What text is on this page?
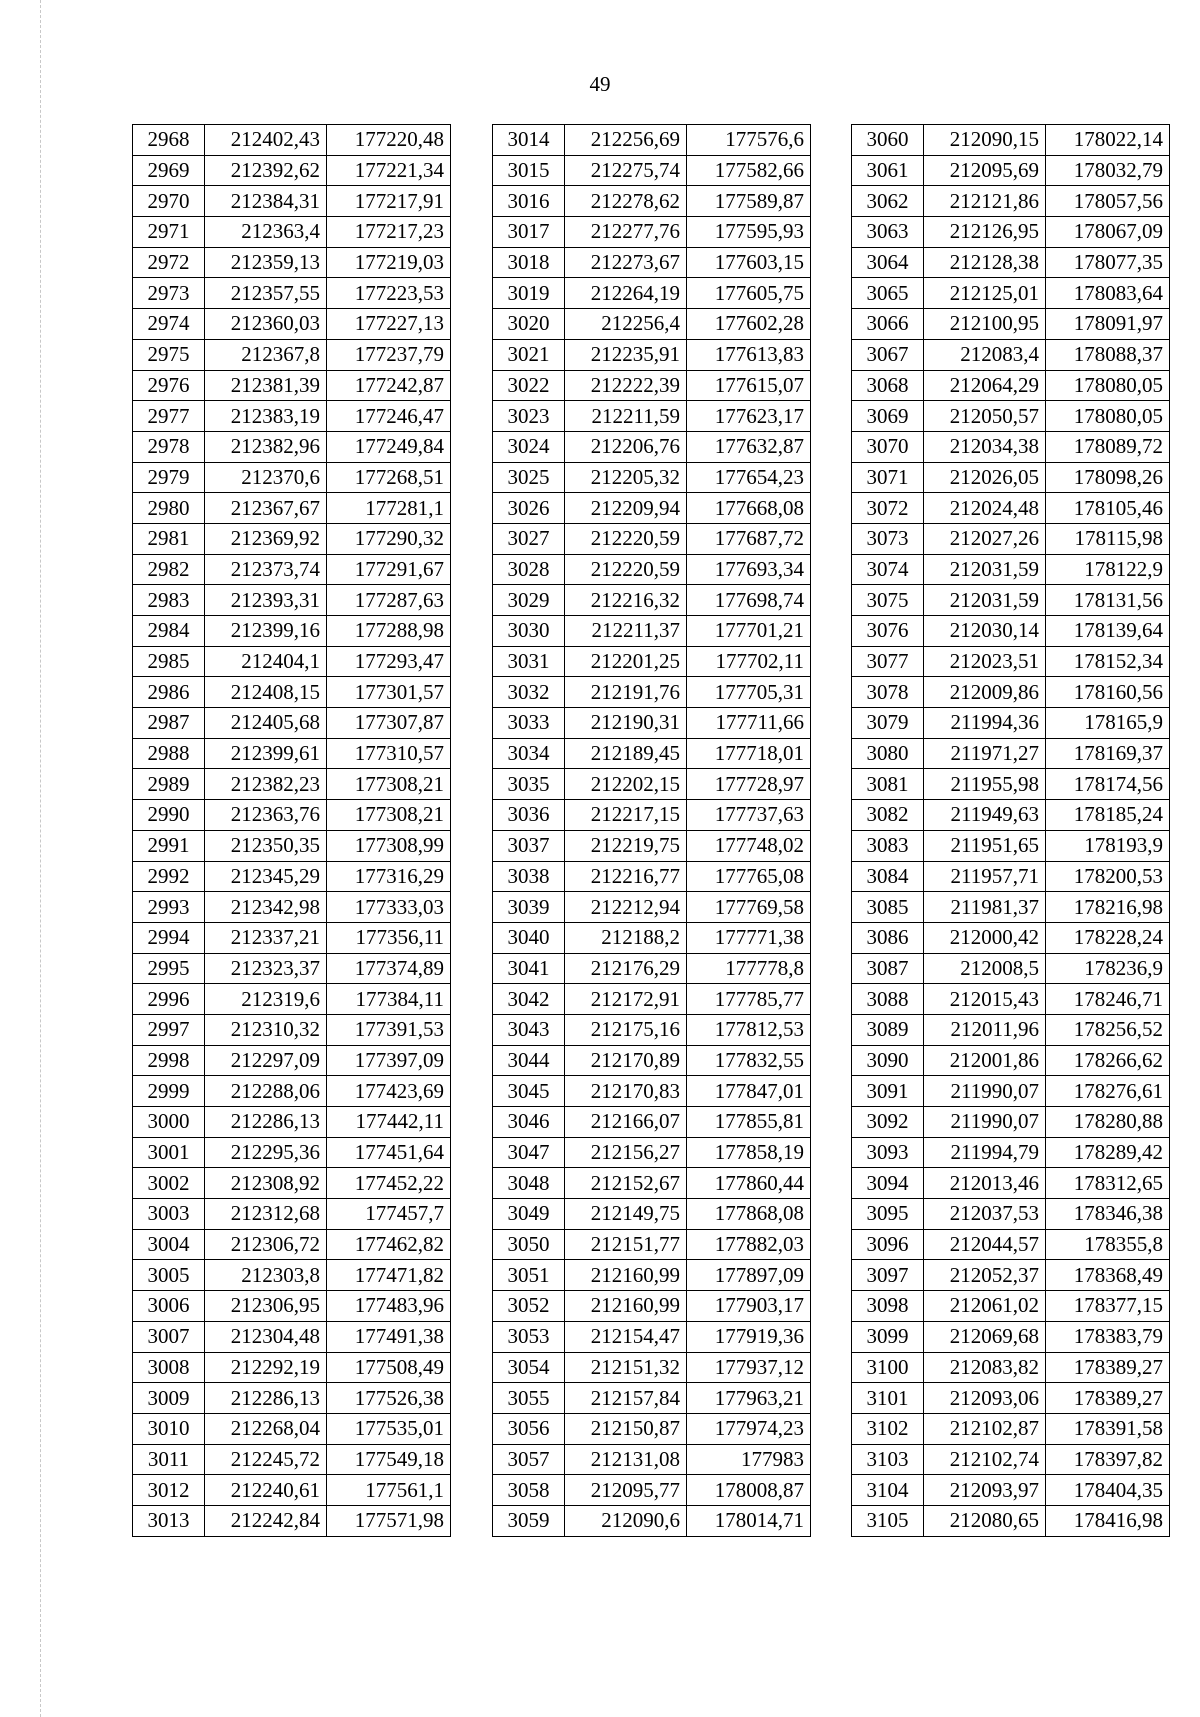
49
2968	212402,43	177220,48
2969	212392,62	177221,34
2970	212384,31	177217,91
2971	212363,4	177217,23
2972	212359,13	177219,03
2973	212357,55	177223,53
2974	212360,03	177227,13
2975	212367,8	177237,79
2976	212381,39	177242,87
2977	212383,19	177246,47
2978	212382,96	177249,84
2979	212370,6	177268,51
2980	212367,67	177281,1
2981	212369,92	177290,32
2982	212373,74	177291,67
2983	212393,31	177287,63
2984	212399,16	177288,98
2985	212404,1	177293,47
2986	212408,15	177301,57
2987	212405,68	177307,87
2988	212399,61	177310,57
2989	212382,23	177308,21
2990	212363,76	177308,21
2991	212350,35	177308,99
2992	212345,29	177316,29
2993	212342,98	177333,03
2994	212337,21	177356,11
2995	212323,37	177374,89
2996	212319,6	177384,11
2997	212310,32	177391,53
2998	212297,09	177397,09
2999	212288,06	177423,69
3000	212286,13	177442,11
3001	212295,36	177451,64
3002	212308,92	177452,22
3003	212312,68	177457,7
3004	212306,72	177462,82
3005	212303,8	177471,82
3006	212306,95	177483,96
3007	212304,48	177491,38
3008	212292,19	177508,49
3009	212286,13	177526,38
3010	212268,04	177535,01
3011	212245,72	177549,18
3012	212240,61	177561,1
3013	212242,84	177571,98
3014	212256,69	177576,6
3015	212275,74	177582,66
3016	212278,62	177589,87
3017	212277,76	177595,93
3018	212273,67	177603,15
3019	212264,19	177605,75
3020	212256,4	177602,28
3021	212235,91	177613,83
3022	212222,39	177615,07
3023	212211,59	177623,17
3024	212206,76	177632,87
3025	212205,32	177654,23
3026	212209,94	177668,08
3027	212220,59	177687,72
3028	212220,59	177693,34
3029	212216,32	177698,74
3030	212211,37	177701,21
3031	212201,25	177702,11
3032	212191,76	177705,31
3033	212190,31	177711,66
3034	212189,45	177718,01
3035	212202,15	177728,97
3036	212217,15	177737,63
3037	212219,75	177748,02
3038	212216,77	177765,08
3039	212212,94	177769,58
3040	212188,2	177771,38
3041	212176,29	177778,8
3042	212172,91	177785,77
3043	212175,16	177812,53
3044	212170,89	177832,55
3045	212170,83	177847,01
3046	212166,07	177855,81
3047	212156,27	177858,19
3048	212152,67	177860,44
3049	212149,75	177868,08
3050	212151,77	177882,03
3051	212160,99	177897,09
3052	212160,99	177903,17
3053	212154,47	177919,36
3054	212151,32	177937,12
3055	212157,84	177963,21
3056	212150,87	177974,23
3057	212131,08	177983
3058	212095,77	178008,87
3059	212090,6	178014,71
3060	212090,15	178022,14
3061	212095,69	178032,79
3062	212121,86	178057,56
3063	212126,95	178067,09
3064	212128,38	178077,35
3065	212125,01	178083,64
3066	212100,95	178091,97
3067	212083,4	178088,37
3068	212064,29	178080,05
3069	212050,57	178080,05
3070	212034,38	178089,72
3071	212026,05	178098,26
3072	212024,48	178105,46
3073	212027,26	178115,98
3074	212031,59	178122,9
3075	212031,59	178131,56
3076	212030,14	178139,64
3077	212023,51	178152,34
3078	212009,86	178160,56
3079	211994,36	178165,9
3080	211971,27	178169,37
3081	211955,98	178174,56
3082	211949,63	178185,24
3083	211951,65	178193,9
3084	211957,71	178200,53
3085	211981,37	178216,98
3086	212000,42	178228,24
3087	212008,5	178236,9
3088	212015,43	178246,71
3089	212011,96	178256,52
3090	212001,86	178266,62
3091	211990,07	178276,61
3092	211990,07	178280,88
3093	211994,79	178289,42
3094	212013,46	178312,65
3095	212037,53	178346,38
3096	212044,57	178355,8
3097	212052,37	178368,49
3098	212061,02	178377,15
3099	212069,68	178383,79
3100	212083,82	178389,27
3101	212093,06	178389,27
3102	212102,87	178391,58
3103	212102,74	178397,82
3104	212093,97	178404,35
3105	212080,65	178416,98
